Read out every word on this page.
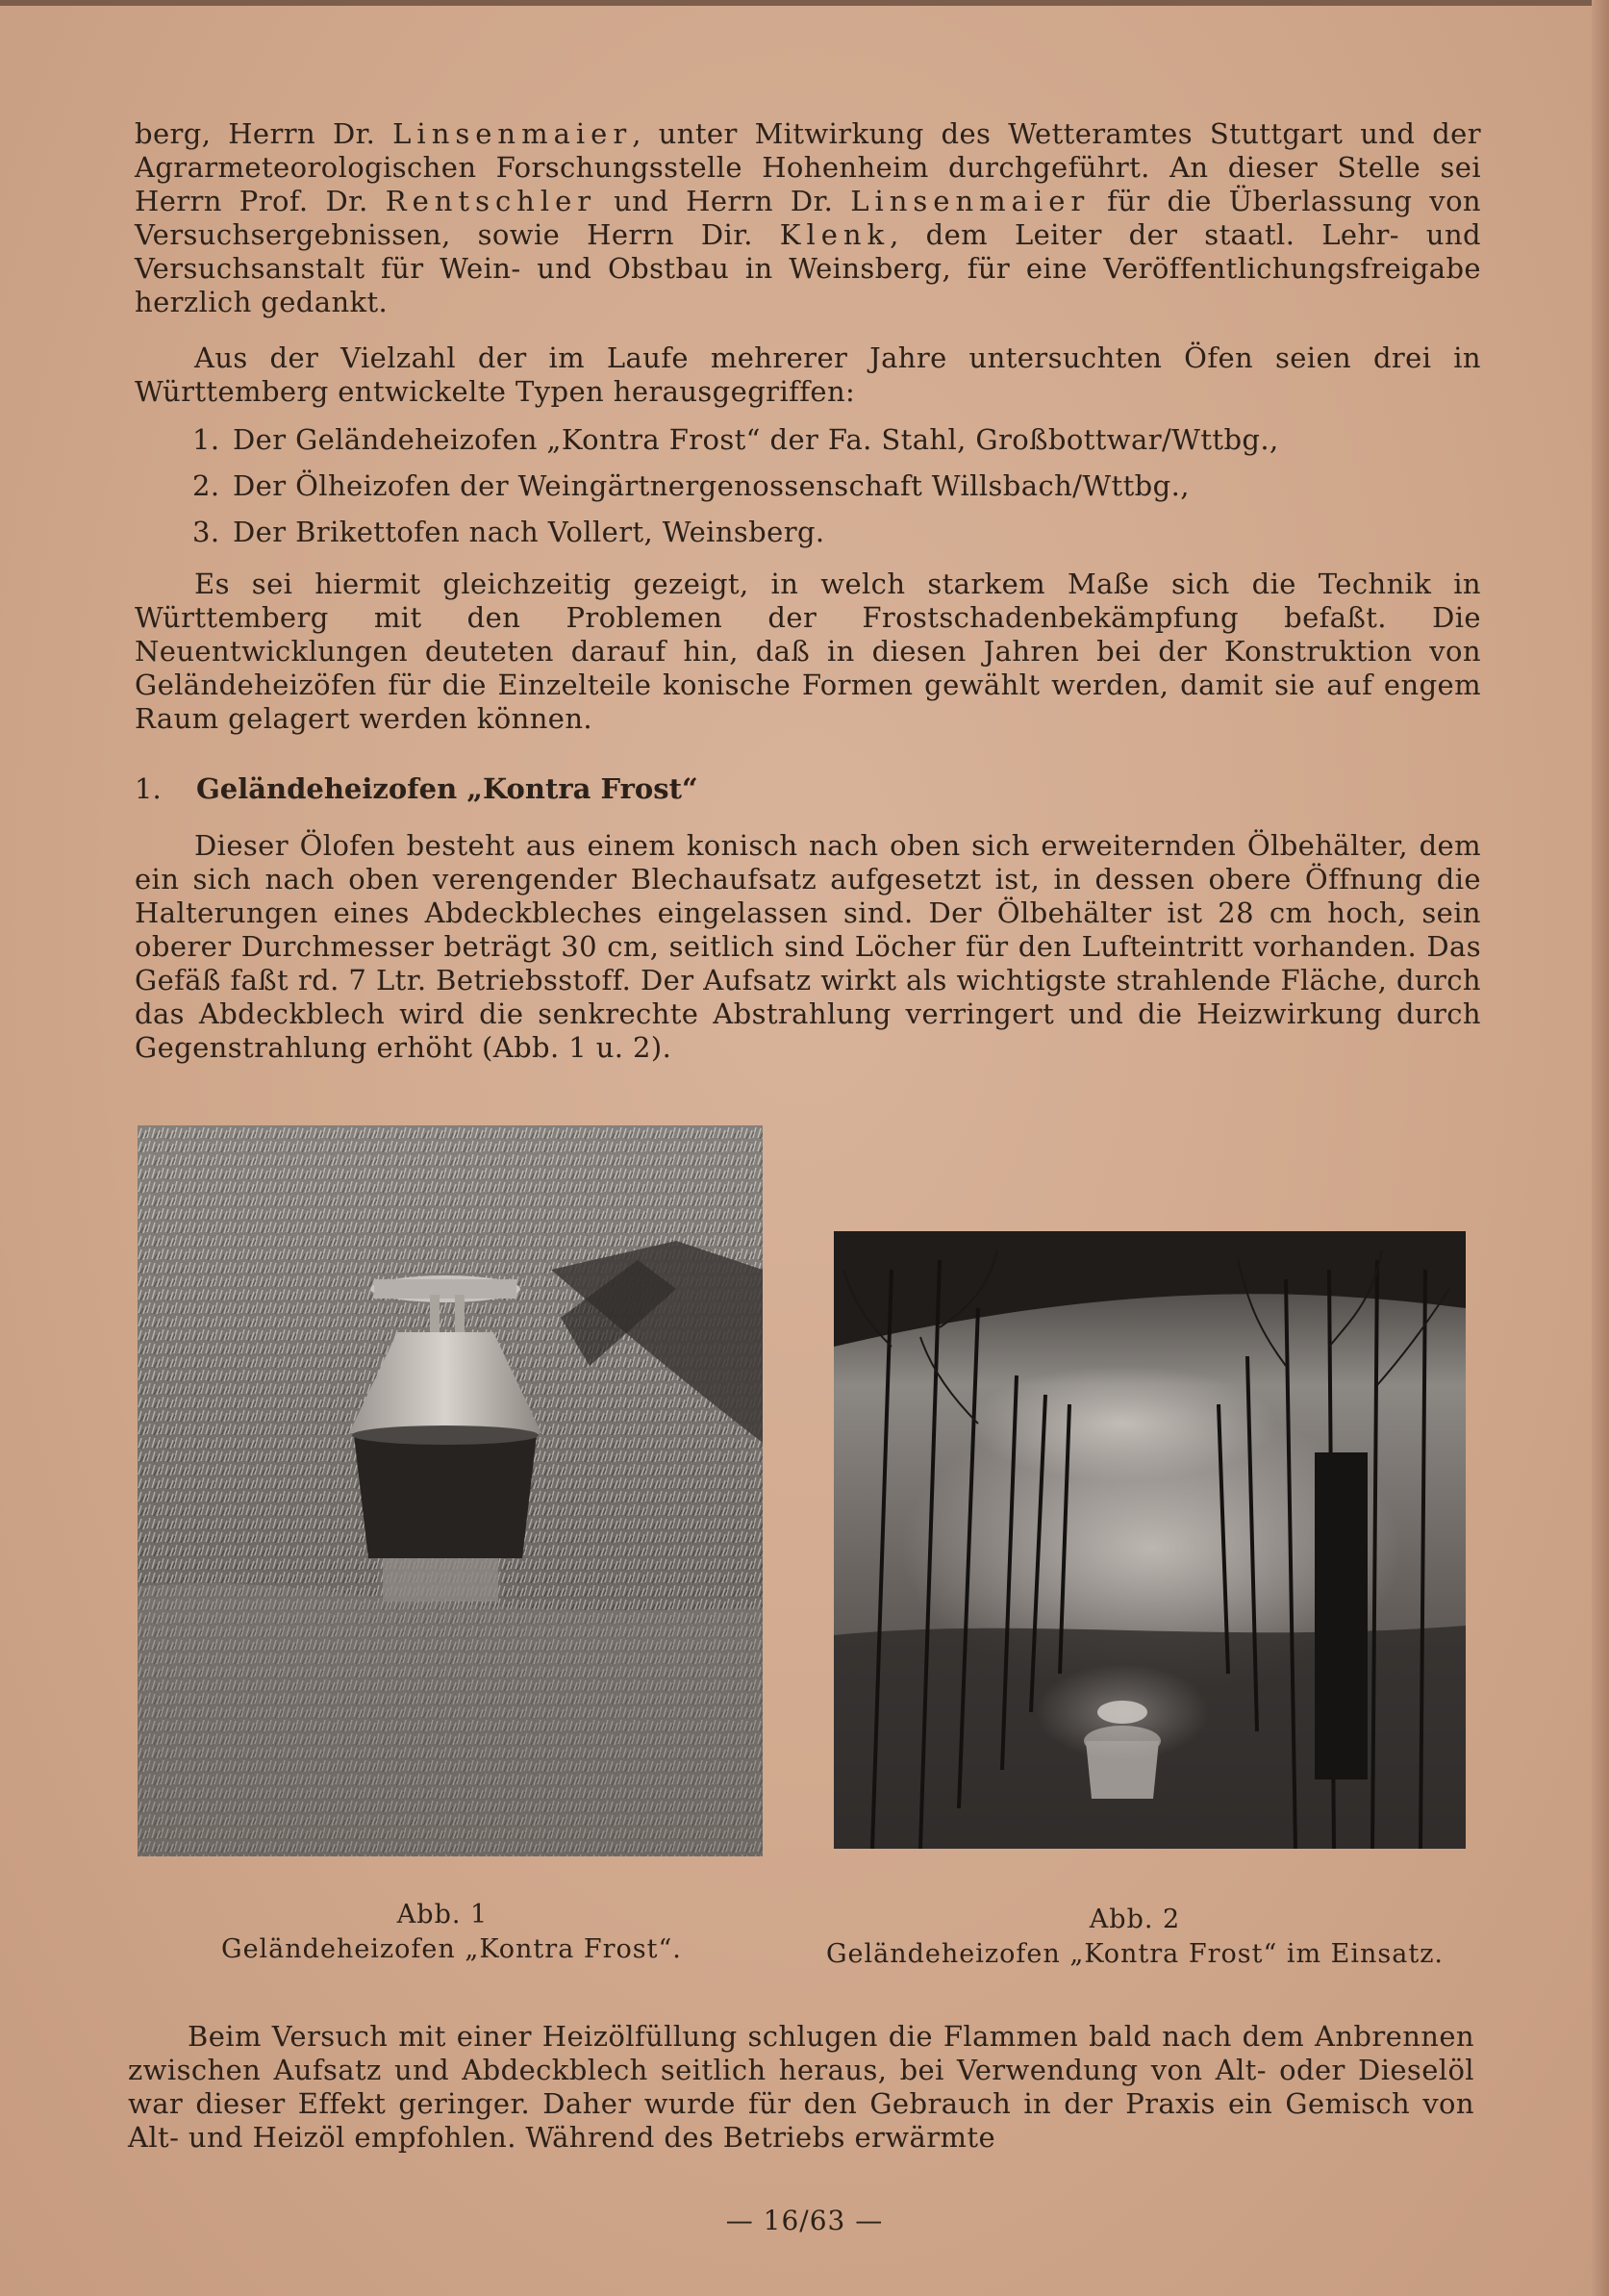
berg, Herrn Dr. Linsenmaier, unter Mitwirkung des Wetteramtes Stuttgart und der Agrarmeteorologischen Forschungsstelle Hohenheim durchgeführt. An dieser Stelle sei Herrn Prof. Dr. Rentschler und Herrn Dr. Linsenmaier für die Überlassung von Versuchsergebnissen, sowie Herrn Dir. Klenk, dem Leiter der staatl. Lehr- und Versuchsanstalt für Wein- und Obstbau in Weinsberg, für eine Veröffentlichungsfreigabe herzlich gedankt.

Aus der Vielzahl der im Laufe mehrerer Jahre untersuchten Öfen seien drei in Württemberg entwickelte Typen herausgegriffen:

1. Der Geländeheizofen „Kontra Frost“ der Fa. Stahl, Großbottwar/Wttbg.,
2. Der Ölheizofen der Weingärtnergenossenschaft Willsbach/Wttbg.,
3. Der Brikettofen nach Vollert, Weinsberg.

Es sei hiermit gleichzeitig gezeigt, in welch starkem Maße sich die Technik in Württemberg mit den Problemen der Frostschadenbekämpfung befaßt. Die Neuentwicklungen deuteten darauf hin, daß in diesen Jahren bei der Konstruktion von Geländeheizöfen für die Einzelteile konische Formen gewählt werden, damit sie auf engem Raum gelagert werden können.

1. Geländeheizofen „Kontra Frost“

Dieser Ölofen besteht aus einem konisch nach oben sich erweiternden Ölbehälter, dem ein sich nach oben verengender Blechaufsatz aufgesetzt ist, in dessen obere Öffnung die Halterungen eines Abdeckbleches eingelassen sind. Der Ölbehälter ist 28 cm hoch, sein oberer Durchmesser beträgt 30 cm, seitlich sind Löcher für den Lufteintritt vorhanden. Das Gefäß faßt rd. 7 Ltr. Betriebsstoff. Der Aufsatz wirkt als wichtigste strahlende Fläche, durch das Abdeckblech wird die senkrechte Abstrahlung verringert und die Heizwirkung durch Gegenstrahlung erhöht (Abb. 1 u. 2).

Abb. 1
Geländeheizofen „Kontra Frost“.
Abb. 2
Geländeheizofen „Kontra Frost“ im Einsatz.

Beim Versuch mit einer Heizölfüllung schlugen die Flammen bald nach dem Anbrennen zwischen Aufsatz und Abdeckblech seitlich heraus, bei Verwendung von Alt- oder Dieselöl war dieser Effekt geringer. Daher wurde für den Gebrauch in der Praxis ein Gemisch von Alt- und Heizöl empfohlen. Während des Betriebs erwärmte

— 16/63 —
